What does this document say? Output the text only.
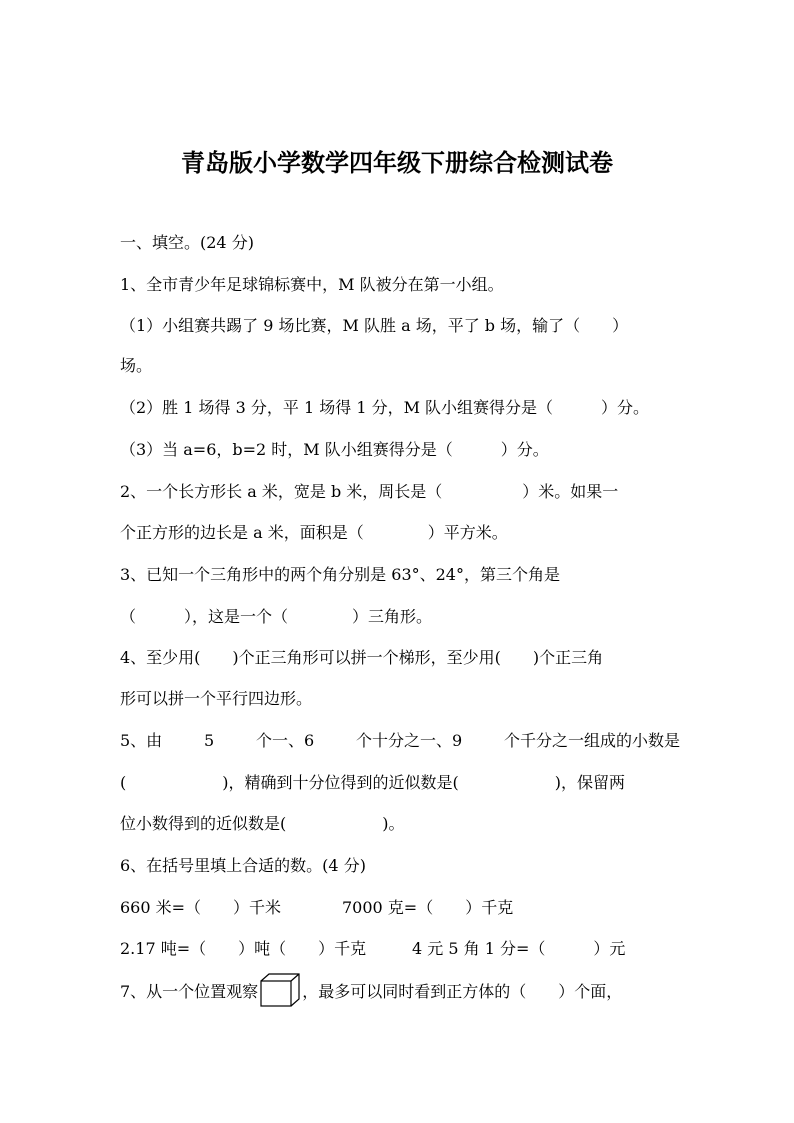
青岛版小学数学四年级下册综合检测试卷
一、填空。(24 分)
1、全市青少年足球锦标赛中，M 队被分在第一小组。
（1）小组赛共踢了 9 场比赛，M 队胜 a 场，平了 b 场，输了（　　）
场。
（2）胜 1 场得 3 分，平 1 场得 1 分，M 队小组赛得分是（　　　）分。
（3）当 a=6，b=2 时，M 队小组赛得分是（　　　）分。
2、一个长方形长 a 米，宽是 b 米，周长是（　　　　　）米。如果一
个正方形的边长是 a 米，面积是（　　　　）平方米。
3、已知一个三角形中的两个角分别是 63°、24°，第三个角是
（　　　），这是一个（　　　　）三角形。
4、至少用(　　)个正三角形可以拼一个梯形，至少用(　　)个正三角
形可以拼一个平行四边形。
5、由	5	个一、6	个十分之一、9	个千分之一组成的小数是
(　　　　　　)，精确到十分位得到的近似数是(　　　　　　)，保留两
位小数得到的近似数是(　　　　　　)。
6、在括号里填上合适的数。(4 分)
660 米=（　　）千米	7000 克=（　　）千克
2.17 吨=（　　）吨（　　）千克	4 元 5 角 1 分=（　　　）元
7、从一个位置观察	，最多可以同时看到正方体的（　　）个面，
